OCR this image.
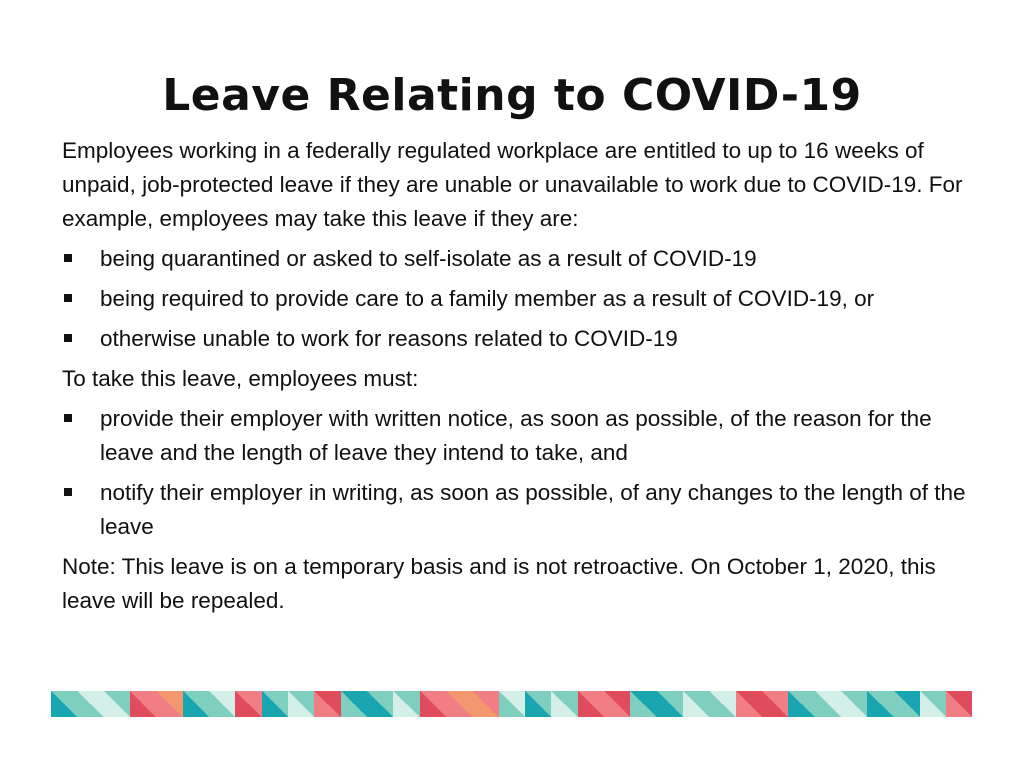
Leave Relating to COVID-19

Employees working in a federally regulated workplace are entitled to up to 16 weeks of unpaid, job-protected leave if they are unable or unavailable to work due to COVID-19. For example, employees may take this leave if they are:

being quarantined or asked to self-isolate as a result of COVID-19
being required to provide care to a family member as a result of COVID-19, or
otherwise unable to work for reasons related to COVID-19

To take this leave, employees must:

provide their employer with written notice, as soon as possible, of the reason for the leave and the length of leave they intend to take, and
notify their employer in writing, as soon as possible, of any changes to the length of the leave

Note: This leave is on a temporary basis and is not retroactive. On October 1, 2020, this leave will be repealed.
